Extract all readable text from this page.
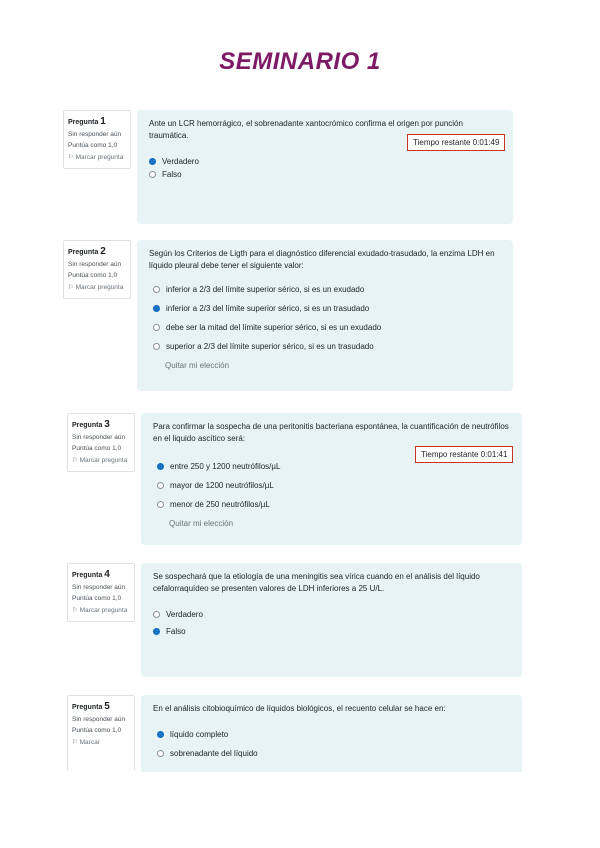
SEMINARIO 1
Pregunta 1
Sin responder aún
Puntúa como 1,0
⚐ Marcar pregunta
Ante un LCR hemorrágico, el sobrenadante xantocrómico confirma el origen por punción traumática.
Verdadero
Falso
Tiempo restante 0:01:49
Pregunta 2
Sin responder aún
Puntúa como 1,0
⚐ Marcar pregunta
Según los Criterios de Ligth para el diagnóstico diferencial exudado-trasudado, la enzima LDH en líquido pleural debe tener el siguiente valor:
inferior a 2/3 del límite superior sérico, si es un exudado
inferior a 2/3 del límite superior sérico, si es un trasudado
debe ser la mitad del límite superior sérico, si es un exudado
superior a 2/3 del límite superior sérico, si es un trasudado
Quitar mi elección
Pregunta 3
Sin responder aún
Puntúa como 1,0
⚐ Marcar pregunta
Para confirmar la sospecha de una peritonitis bacteriana espontánea, la cuantificación de neutrófilos en el liquido ascítico será:
entre 250 y 1200 neutrófilos/µL
mayor de 1200 neutrófilos/µL
menor de 250 neutrófilos/µL
Quitar mi elección
Tiempo restante 0:01:41
Pregunta 4
Sin responder aún
Puntúa como 1,0
⚐ Marcar pregunta
Se sospechará que la etiología de una meningitis sea vírica cuando en el análisis del líquido cefalorraquídeo se presenten valores de LDH inferiores a 25 U/L.
Verdadero
Falso
Pregunta 5
Sin responder aún
Puntúa como 1,0
⚐ Marcar
En el análisis citobioquímico de líquidos biológicos, el recuento celular se hace en:
líquido completo
sobrenadante del líquido
